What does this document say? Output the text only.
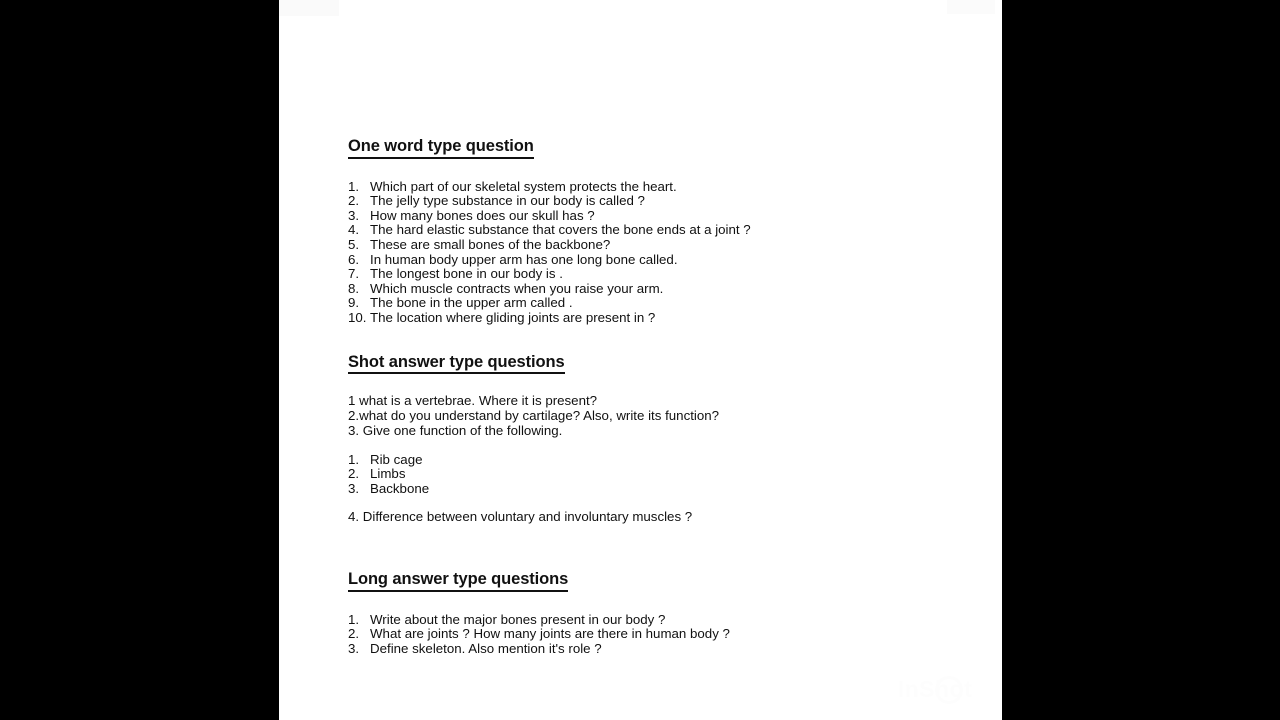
One word type question
1. Which part of our skeletal system protects the heart.
2. The jelly type substance in our body is called ?
3. How many bones does our skull has ?
4. The hard elastic substance that covers the bone ends at a joint ?
5. These are small bones of the backbone?
6. In human body upper arm has one long bone called.
7. The longest bone in our body is .
8. Which muscle contracts when you raise your arm.
9. The bone in the upper arm called .
10. The location where gliding joints are present in ?
Shot answer type questions

1 what is a vertebrae. Where it is present?

2.what do you understand by cartilage? Also, write its function?

3. Give one function of the following.

1. Rib cage
2. Limbs
3. Backbone

4. Difference between voluntary and involuntary muscles ?

Long answer type questions
1. Write about the major bones present in our body ?
2. What are joints ? How many joints are there in human body ?
3. Define skeleton. Also mention it's role ?
InShot
